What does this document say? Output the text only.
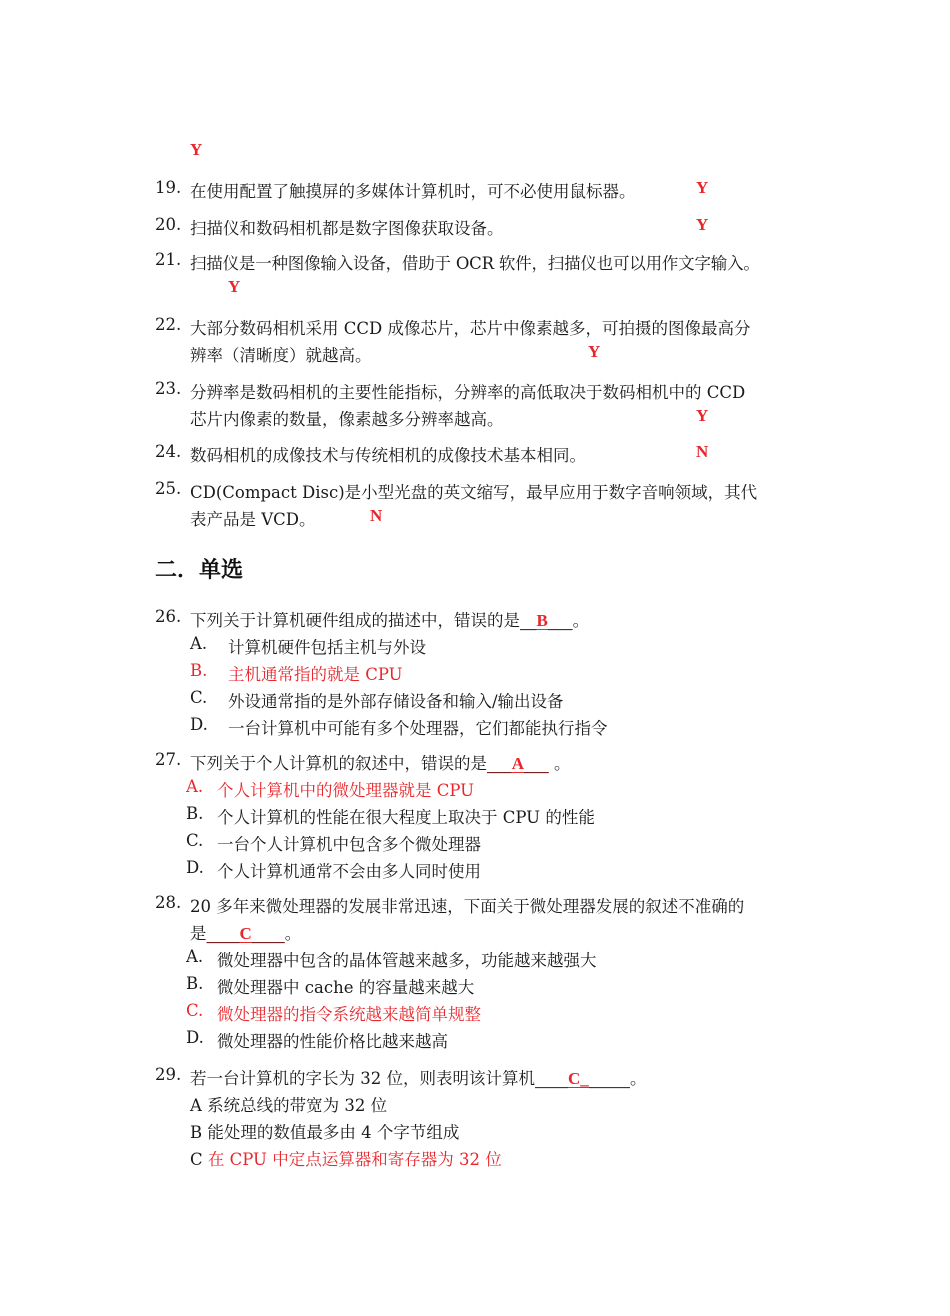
Y
19. 在使用配置了触摸屏的多媒体计算机时，可不必使用鼠标器。	Y
20. 扫描仪和数码相机都是数字图像获取设备。	Y
21. 扫描仪是一种图像输入设备，借助于 OCR 软件，扫描仪也可以用作文字输入。
Y
22. 大部分数码相机采用 CCD 成像芯片，芯片中像素越多，可拍摄的图像最高分
辨率（清晰度）就越高。	Y
23. 分辨率是数码相机的主要性能指标，分辨率的高低取决于数码相机中的 CCD
芯片内像素的数量，像素越多分辨率越高。	Y
24. 数码相机的成像技术与传统相机的成像技术基本相同。	N
25. CD(Compact Disc)是小型光盘的英文缩写，最早应用于数字音响领域，其代
表产品是 VCD。	N
二．单选
26. 下列关于计算机硬件组成的描述中，错误的是__B___。
A. 计算机硬件包括主机与外设
B. 主机通常指的就是 CPU
C. 外设通常指的是外部存储设备和输入/输出设备
D. 一台计算机中可能有多个处理器，它们都能执行指令
27. 下列关于个人计算机的叙述中，错误的是___A___ 。
A. 个人计算机中的微处理器就是 CPU
B. 个人计算机的性能在很大程度上取决于 CPU 的性能
C. 一台个人计算机中包含多个微处理器
D. 个人计算机通常不会由多人同时使用
28. 20 多年来微处理器的发展非常迅速，下面关于微处理器发展的叙述不准确的
是____C____。
A. 微处理器中包含的晶体管越来越多，功能越来越强大
B. 微处理器中 cache 的容量越来越大
C. 微处理器的指令系统越来越简单规整
D. 微处理器的性能价格比越来越高
29. 若一台计算机的字长为 32 位，则表明该计算机____C______。
A 系统总线的带宽为 32 位
B 能处理的数值最多由 4 个字节组成
C 在 CPU 中定点运算器和寄存器为 32 位
